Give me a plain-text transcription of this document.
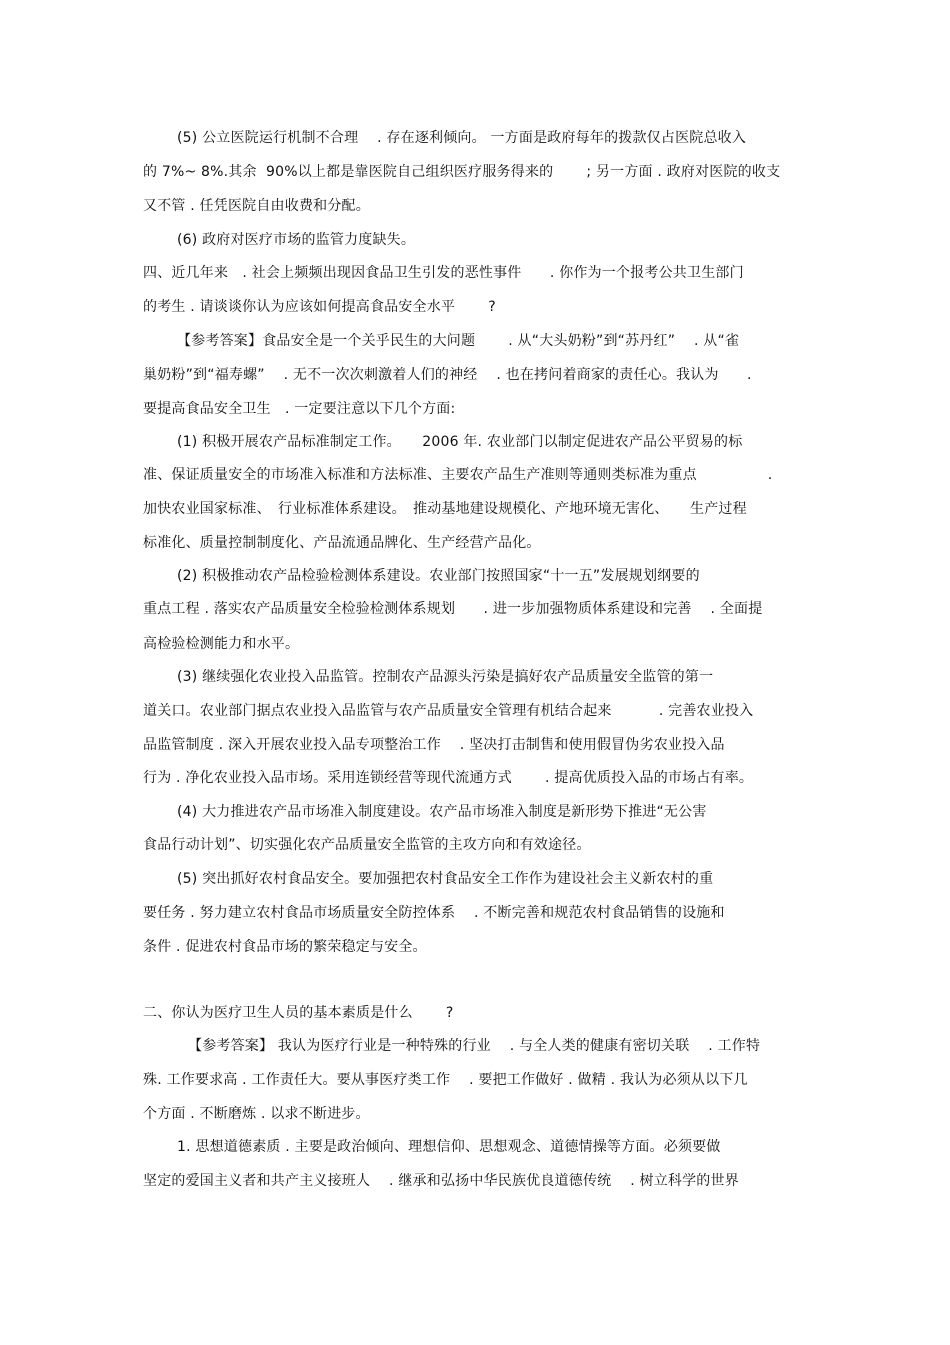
(5) 公立医院运行机制不合理　 . 存在逐利倾向。 一方面是政府每年的拨款仅占医院总收入
的 7%~ 8%.其余  90%以上都是靠医院自己组织医疗服务得来的　　 ; 另一方面 . 政府对医院的收支
又不管 . 任凭医院自由收费和分配。
(6) 政府对医疗市场的监管力度缺失。
四、近几年来　. 社会上频频出现因食品卫生引发的恶性事件　　. 你作为一个报考公共卫生部门
的考生 . 请谈谈你认为应该如何提高食品安全水平　　 ?
【参考答案】食品安全是一个关乎民生的大问题　　 . 从“大头奶粉”到“苏丹红”　 . 从“雀
巢奶粉”到“福寿螺”　 . 无不一次次刺激着人们的神经　 . 也在拷问着商家的责任心。我认为　　.
要提高食品安全卫生　. 一定要注意以下几个方面:
(1) 积极开展农产品标准制定工作。　　2006 年. 农业部门以制定促进农产品公平贸易的标
准、保证质量安全的市场准入标准和方法标准、主要农产品生产准则等通则类标准为重点　　　　　.
加快农业国家标准、　行业标准体系建设。　推动基地建设规模化、产地环境无害化、　　生产过程
标准化、质量控制制度化、产品流通品牌化、生产经营产品化。
(2) 积极推动农产品检验检测体系建设。农业部门按照国家“十一五”发展规划纲要的
重点工程 . 落实农产品质量安全检验检测体系规划　　. 进一步加强物质体系建设和完善　 . 全面提
高检验检测能力和水平。
(3) 继续强化农业投入品监管。控制农产品源头污染是搞好农产品质量安全监管的第一
道关口。农业部门据点农业投入品监管与农产品质量安全管理有机结合起来　　　 . 完善农业投入
品监管制度 . 深入开展农业投入品专项整治工作　 . 坚决打击制售和使用假冒伪劣农业投入品
行为 . 净化农业投入品市场。采用连锁经营等现代流通方式　　 . 提高优质投入品的市场占有率。
(4) 大力推进农产品市场准入制度建设。农产品市场准入制度是新形势下推进“无公害
食品行动计划”、切实强化农产品质量安全监管的主攻方向和有效途径。
(5) 突出抓好农村食品安全。要加强把农村食品安全工作作为建设社会主义新农村的重
要任务 . 努力建立农村食品市场质量安全防控体系　 . 不断完善和规范农村食品销售的设施和
条件 . 促进农村食品市场的繁荣稳定与安全。
二、你认为医疗卫生人员的基本素质是什么　　 ?
【参考答案】 我认为医疗行业是一种特殊的行业　 . 与全人类的健康有密切关联　 . 工作特
殊. 工作要求高 . 工作责任大。要从事医疗类工作　 . 要把工作做好 . 做精 . 我认为必须从以下几
个方面 . 不断磨炼 . 以求不断进步。
1. 思想道德素质 . 主要是政治倾向、理想信仰、思想观念、道德情操等方面。必须要做
坚定的爱国主义者和共产主义接班人　 . 继承和弘扬中华民族优良道德传统　 . 树立科学的世界
